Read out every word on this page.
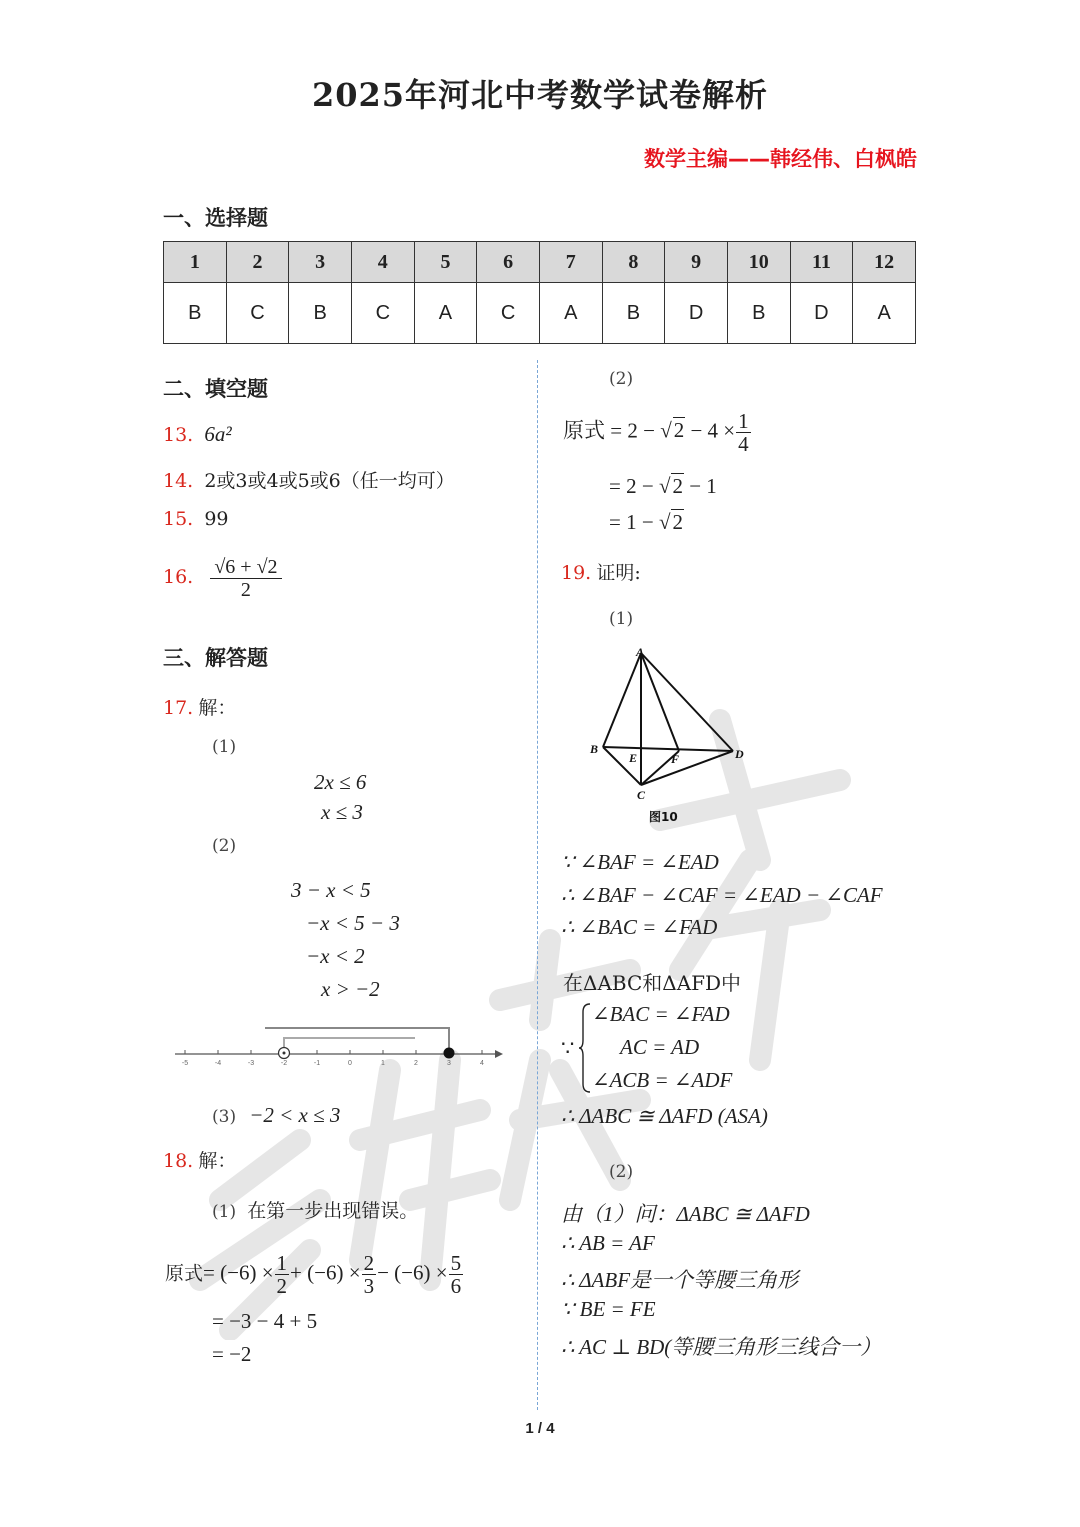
2025年河北中考数学试卷解析
数学主编——韩经伟、白枫皓
一、选择题
1	2	3	4	5	6	7	8	9	10	11	12
B	C	B	C	A	C	A	B	D	B	D	A
二、填空题
13. 6a²
14. 2或3或4或5或6（任一均可）
15. 99
16. $\frac{√6 + √2}{2}$
三、解答题
17. 解：
(1)
2x ≤ 6
x ≤ 3
(2)
3 − x < 5
−x < 5 − 3
−x < 2
x > −2
-5	-4	-3	-2	-1	0	1	2	3	4
(3) −2 < x ≤ 3
18. 解：
(1) 在第一步出现错误。
原式= $(-6) \times \frac{1}{2} + (-6) \times \frac{2}{3} - (-6) \times \frac{5}{6}$
= −3 − 4 + 5
= −2
(2)
原式 = $2 - √2 - 4 \times \frac{1}{4}$
= 2 − √2 − 1
= 1 − √2
19. 证明:
(1)
A
B
E	F	D
C
图10
∵ ∠BAF = ∠EAD
∴ ∠BAF − ∠CAF = ∠EAD − ∠CAF
∴ ∠BAC = ∠FAD
在ΔABC和ΔAFD中
∵
∠BAC = ∠FAD
AC = AD
∠ACB = ∠ADF
∴ ΔABC ≅ ΔAFD (ASA)
(2)
由（1）问：ΔABC ≅ ΔAFD
∴ AB = AF
∴ ΔABF是一个等腰三角形
∵ BE = FE
∴ AC ⊥ BD(等腰三角形三线合一）
1 / 4
